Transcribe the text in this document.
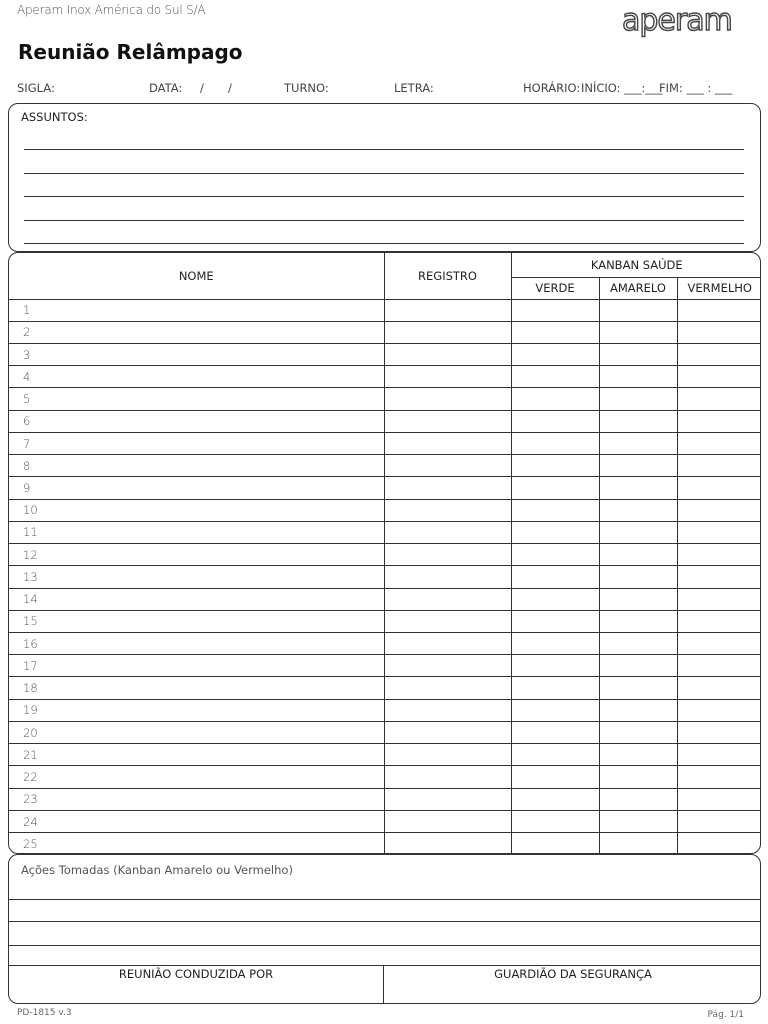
Aperam Inox América do Sul S/A	aperam
Reunião Relâmpago
SIGLA:	DATA: / /	TURNO:	LETRA:	HORÁRIO: INÍCIO: ___:___
FIM: ___ : ___
ASSUNTOS:
NOME	REGISTRO	KANBAN SAÚDE		
		VERDE	AMARELO	VERMELHO
1				
2				
3				
4				
5				
6				
7				
8				
9				
10				
11				
12				
13				
14				
15				
16				
17				
18				
19				
20				
21				
22				
23				
24				
25				
Ações Tomadas (Kanban Amarelo ou Vermelho)
REUNIÃO CONDUZIDA POR	GUARDIÃO DA SEGURANÇA
PD-1815 v.3	Pág. 1/1
